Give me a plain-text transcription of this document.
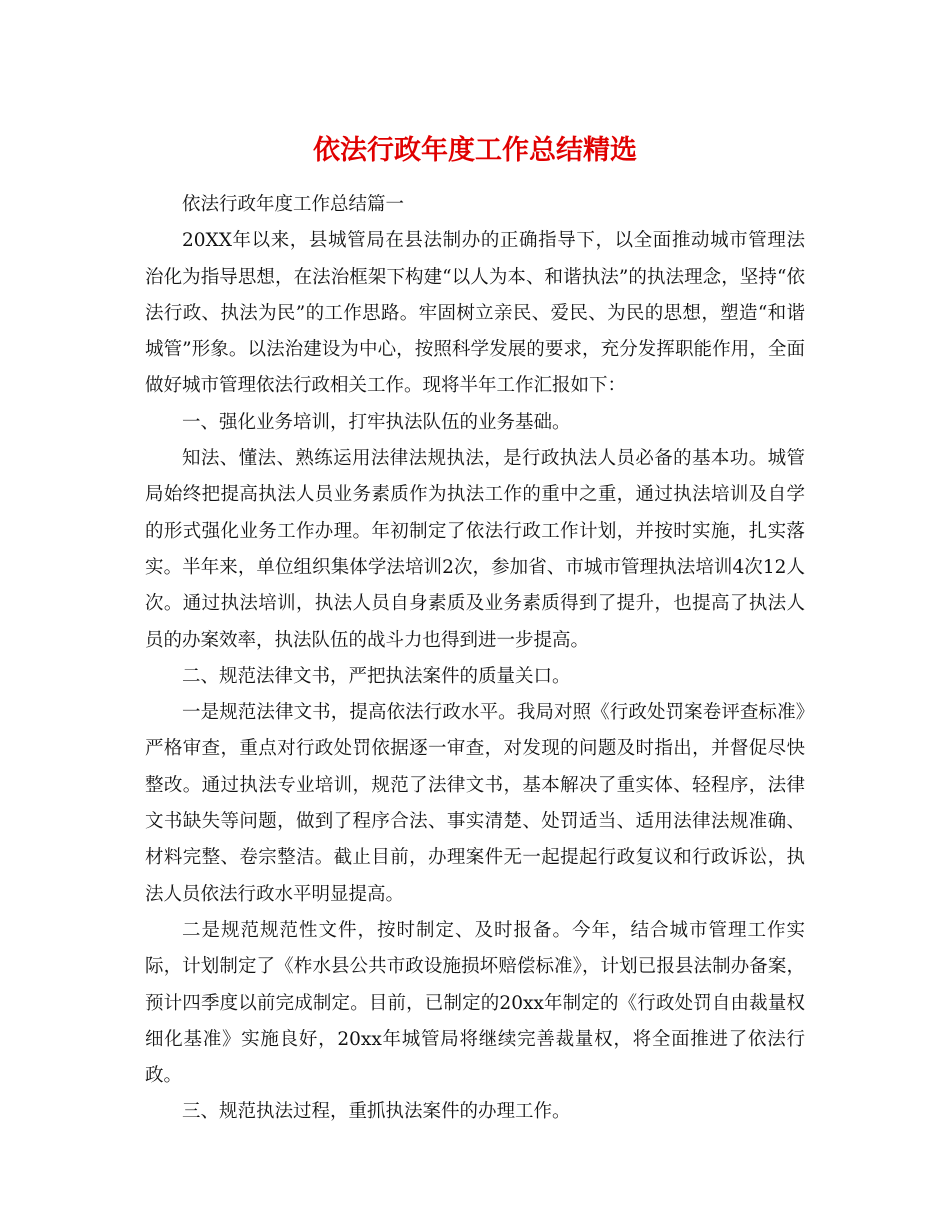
依法行政年度工作总结精选

依法行政年度工作总结篇一

20XX年以来，县城管局在县法制办的正确指导下，以全面推动城市管理法治化为指导思想，在法治框架下构建“以人为本、和谐执法”的执法理念，坚持“依法行政、执法为民”的工作思路。牢固树立亲民、爱民、为民的思想，塑造“和谐城管”形象。以法治建设为中心，按照科学发展的要求，充分发挥职能作用，全面做好城市管理依法行政相关工作。现将半年工作汇报如下：

一、强化业务培训，打牢执法队伍的业务基础。

知法、懂法、熟练运用法律法规执法，是行政执法人员必备的基本功。城管局始终把提高执法人员业务素质作为执法工作的重中之重，通过执法培训及自学的形式强化业务工作办理。年初制定了依法行政工作计划，并按时实施，扎实落实。半年来，单位组织集体学法培训2次，参加省、市城市管理执法培训4次12人次。通过执法培训，执法人员自身素质及业务素质得到了提升，也提高了执法人员的办案效率，执法队伍的战斗力也得到进一步提高。

二、规范法律文书，严把执法案件的质量关口。

一是规范法律文书，提高依法行政水平。我局对照《行政处罚案卷评查标准》严格审查，重点对行政处罚依据逐一审查，对发现的问题及时指出，并督促尽快整改。通过执法专业培训，规范了法律文书，基本解决了重实体、轻程序，法律文书缺失等问题，做到了程序合法、事实清楚、处罚适当、适用法律法规准确、材料完整、卷宗整洁。截止目前，办理案件无一起提起行政复议和行政诉讼，执法人员依法行政水平明显提高。

二是规范规范性文件，按时制定、及时报备。今年，结合城市管理工作实际，计划制定了《柞水县公共市政设施损坏赔偿标准》，计划已报县法制办备案，预计四季度以前完成制定。目前，已制定的20xx年制定的《行政处罚自由裁量权细化基准》实施良好，20xx年城管局将继续完善裁量权，将全面推进了依法行政。

三、规范执法过程，重抓执法案件的办理工作。
